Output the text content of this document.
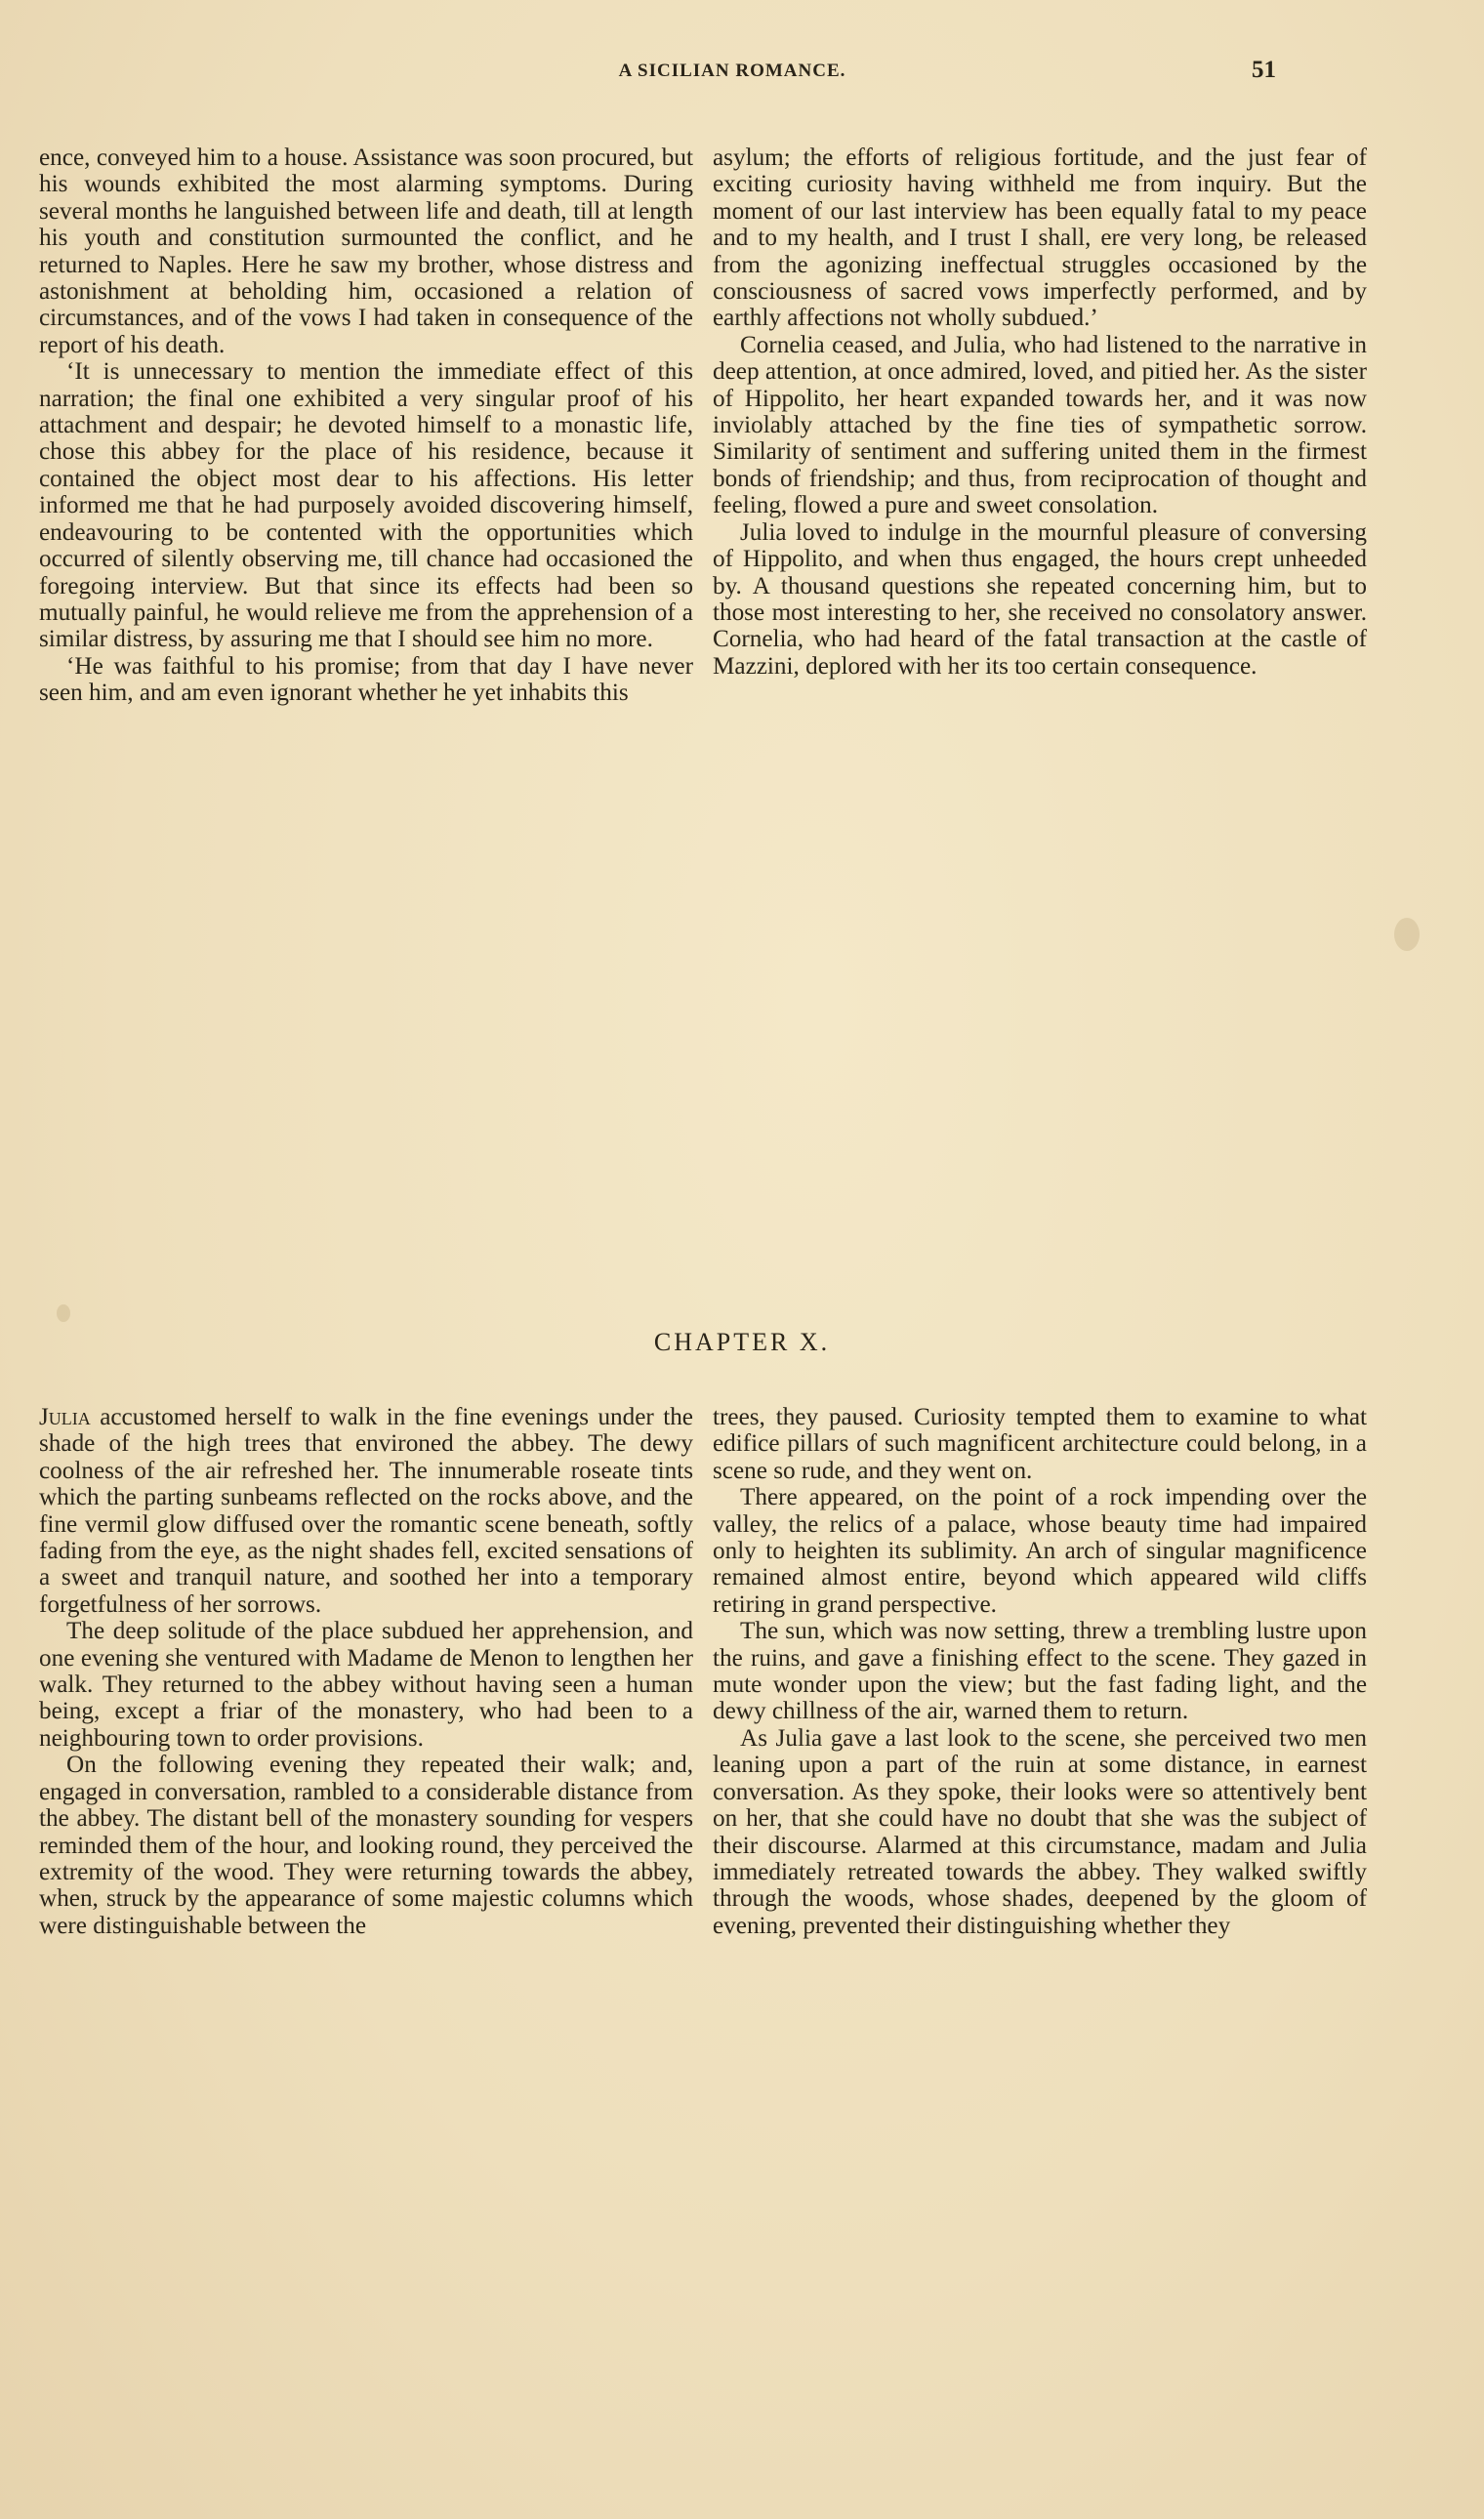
A SICILIAN ROMANCE.	51

ence, conveyed him to a house. Assistance was soon procured, but his wounds exhibited the most alarming symptoms. During several months he languished between life and death, till at length his youth and constitution surmounted the conflict, and he returned to Naples. Here he saw my brother, whose distress and astonishment at beholding him, occasioned a relation of circumstances, and of the vows I had taken in consequence of the report of his death.

‘It is unnecessary to mention the immediate effect of this narration; the final one exhibited a very singular proof of his attachment and despair; he devoted himself to a monastic life, chose this abbey for the place of his residence, because it contained the object most dear to his affections. His letter informed me that he had purposely avoided discovering himself, endeavouring to be contented with the opportunities which occurred of silently observing me, till chance had occasioned the foregoing interview. But that since its effects had been so mutually painful, he would relieve me from the apprehension of a similar distress, by assuring me that I should see him no more.

‘He was faithful to his promise; from that day I have never seen him, and am even ignorant whether he yet inhabits this

asylum; the efforts of religious fortitude, and the just fear of exciting curiosity having withheld me from inquiry. But the moment of our last interview has been equally fatal to my peace and to my health, and I trust I shall, ere very long, be released from the agonizing ineffectual struggles occasioned by the consciousness of sacred vows imperfectly performed, and by earthly affections not wholly subdued.’

Cornelia ceased, and Julia, who had listened to the narrative in deep attention, at once admired, loved, and pitied her. As the sister of Hippolito, her heart expanded towards her, and it was now inviolably attached by the fine ties of sympathetic sorrow. Similarity of sentiment and suffering united them in the firmest bonds of friendship; and thus, from reciprocation of thought and feeling, flowed a pure and sweet consolation.

Julia loved to indulge in the mournful pleasure of conversing of Hippolito, and when thus engaged, the hours crept unheeded by. A thousand questions she repeated concerning him, but to those most interesting to her, she received no consolatory answer. Cornelia, who had heard of the fatal transaction at the castle of Mazzini, deplored with her its too certain consequence.

CHAPTER X.

Julia accustomed herself to walk in the fine evenings under the shade of the high trees that environed the abbey. The dewy coolness of the air refreshed her. The innumerable roseate tints which the parting sunbeams reflected on the rocks above, and the fine vermil glow diffused over the romantic scene beneath, softly fading from the eye, as the night shades fell, excited sensations of a sweet and tranquil nature, and soothed her into a temporary forgetfulness of her sorrows.

The deep solitude of the place subdued her apprehension, and one evening she ventured with Madame de Menon to lengthen her walk. They returned to the abbey without having seen a human being, except a friar of the monastery, who had been to a neighbouring town to order provisions.

On the following evening they repeated their walk; and, engaged in conversation, rambled to a considerable distance from the abbey. The distant bell of the monastery sounding for vespers reminded them of the hour, and looking round, they perceived the extremity of the wood. They were returning towards the abbey, when, struck by the appearance of some majestic columns which were distinguishable between the

trees, they paused. Curiosity tempted them to examine to what edifice pillars of such magnificent architecture could belong, in a scene so rude, and they went on.

There appeared, on the point of a rock impending over the valley, the relics of a palace, whose beauty time had impaired only to heighten its sublimity. An arch of singular magnificence remained almost entire, beyond which appeared wild cliffs retiring in grand perspective.

The sun, which was now setting, threw a trembling lustre upon the ruins, and gave a finishing effect to the scene. They gazed in mute wonder upon the view; but the fast fading light, and the dewy chillness of the air, warned them to return.

As Julia gave a last look to the scene, she perceived two men leaning upon a part of the ruin at some distance, in earnest conversation. As they spoke, their looks were so attentively bent on her, that she could have no doubt that she was the subject of their discourse. Alarmed at this circumstance, madam and Julia immediately retreated towards the abbey. They walked swiftly through the woods, whose shades, deepened by the gloom of evening, prevented their distinguishing whether they
